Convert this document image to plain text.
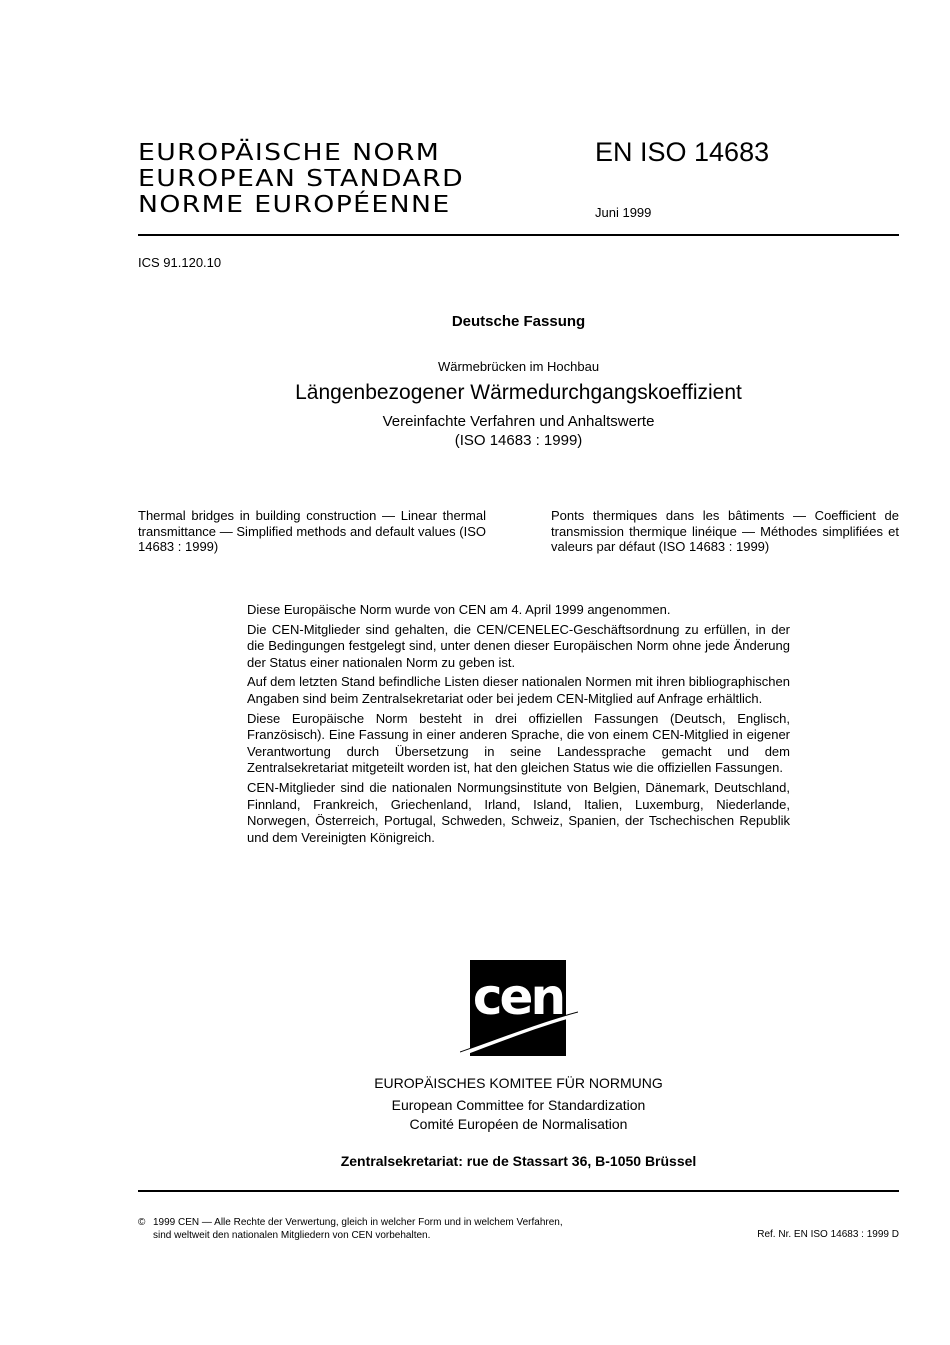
EUROPÄISCHE NORM
EUROPEAN STANDARD
NORME EUROPÉENNE
EN ISO 14683
Juni 1999
ICS 91.120.10
Deutsche Fassung
Wärmebrücken im Hochbau
Längenbezogener Wärmedurchgangskoeffizient
Vereinfachte Verfahren und Anhaltswerte
(ISO 14683 : 1999)
Thermal bridges in building construction — Linear thermal transmittance — Simplified methods and default values (ISO 14683 : 1999)
Ponts thermiques dans les bâtiments — Coefficient de transmission thermique linéique — Méthodes simplifiées et valeurs par défaut (ISO 14683 : 1999)

Diese Europäische Norm wurde von CEN am 4. April 1999 angenommen.

Die CEN-Mitglieder sind gehalten, die CEN/CENELEC-Geschäftsordnung zu erfüllen, in der die Bedingungen festgelegt sind, unter denen dieser Europäischen Norm ohne jede Änderung der Status einer nationalen Norm zu geben ist.

Auf dem letzten Stand befindliche Listen dieser nationalen Normen mit ihren bibliographischen Angaben sind beim Zentralsekretariat oder bei jedem CEN-Mitglied auf Anfrage erhältlich.

Diese Europäische Norm besteht in drei offiziellen Fassungen (Deutsch, Englisch, Französisch). Eine Fassung in einer anderen Sprache, die von einem CEN-Mitglied in eigener Verantwortung durch Übersetzung in seine Landessprache gemacht und dem Zentralsekretariat mitgeteilt worden ist, hat den gleichen Status wie die offiziellen Fassungen.

CEN-Mitglieder sind die nationalen Normungsinstitute von Belgien, Dänemark, Deutschland, Finnland, Frankreich, Griechenland, Irland, Island, Italien, Luxemburg, Niederlande, Norwegen, Österreich, Portugal, Schweden, Schweiz, Spanien, der Tschechischen Republik und dem Vereinigten Königreich.

cen
EUROPÄISCHES KOMITEE FÜR NORMUNG
European Committee for Standardization
Comité Européen de Normalisation
Zentralsekretariat: rue de Stassart 36, B-1050 Brüssel
© 1999 CEN — Alle Rechte der Verwertung, gleich in welcher Form und in welchem Verfahren,
sind weltweit den nationalen Mitgliedern von CEN vorbehalten.	Ref. Nr. EN ISO 14683 : 1999 D
